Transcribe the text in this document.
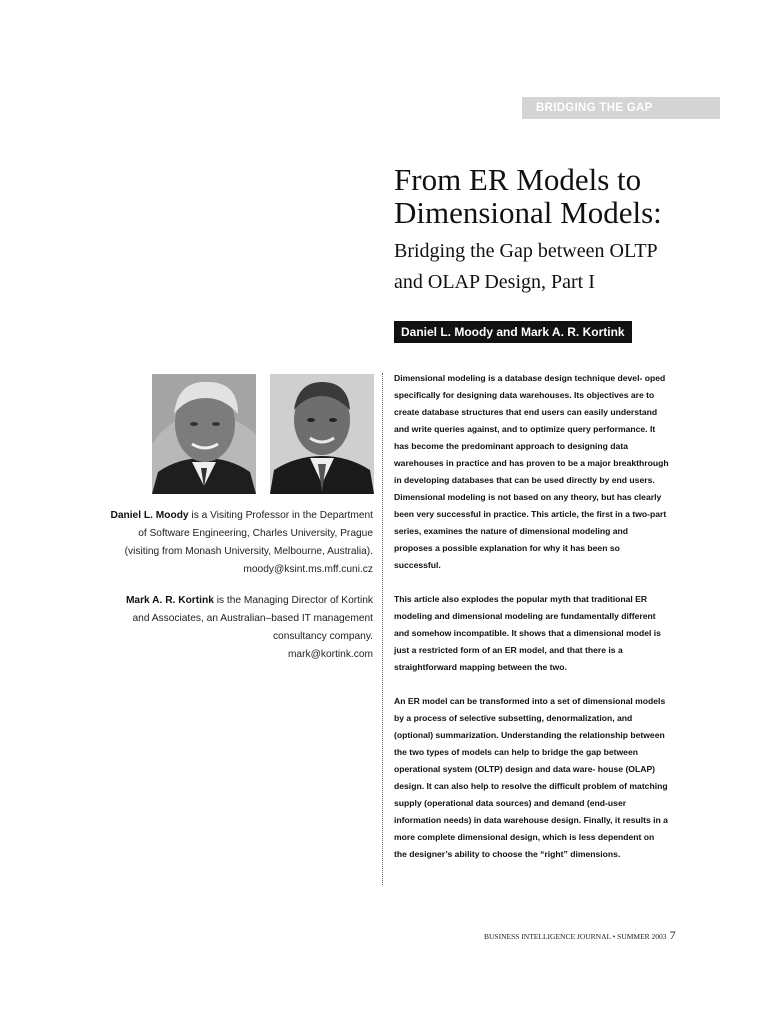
BRIDGING THE GAP
From ER Models to
Dimensional Models:
Bridging the Gap between OLTP
and OLAP Design, Part I
Daniel L. Moody and Mark A. R. Kortink
Daniel L. Moody is a Visiting Professor in the Department
of Software Engineering, Charles University, Prague
(visiting from Monash University, Melbourne, Australia).
moody@ksint.ms.mff.cuni.cz
Mark A. R. Kortink is the Managing Director of Kortink
and Associates, an Australian–based IT management
consultancy company.
mark@kortink.com

Dimensional modeling is a database design technique devel- oped specifically for designing data warehouses. Its objectives are to create database structures that end users can easily understand and write queries against, and to optimize query performance. It has become the predominant approach to designing data warehouses in practice and has proven to be a major breakthrough in developing databases that can be used directly by end users. Dimensional modeling is not based on any theory, but has clearly been very successful in practice. This article, the first in a two-part series, examines the nature of dimensional modeling and proposes a possible explanation for why it has been so successful.

This article also explodes the popular myth that traditional ER modeling and dimensional modeling are fundamentally different and somehow incompatible. It shows that a dimensional model is just a restricted form of an ER model, and that there is a straightforward mapping between the two.

An ER model can be transformed into a set of dimensional models by a process of selective subsetting, denormalization, and (optional) summarization. Understanding the relationship between the two types of models can help to bridge the gap between operational system (OLTP) design and data ware- house (OLAP) design. It can also help to resolve the difficult problem of matching supply (operational data sources) and demand (end-user information needs) in data warehouse design. Finally, it results in a more complete dimensional design, which is less dependent on the designer’s ability to choose the “right” dimensions.

BUSINESS INTELLIGENCE JOURNAL • SUMMER 2003 7
